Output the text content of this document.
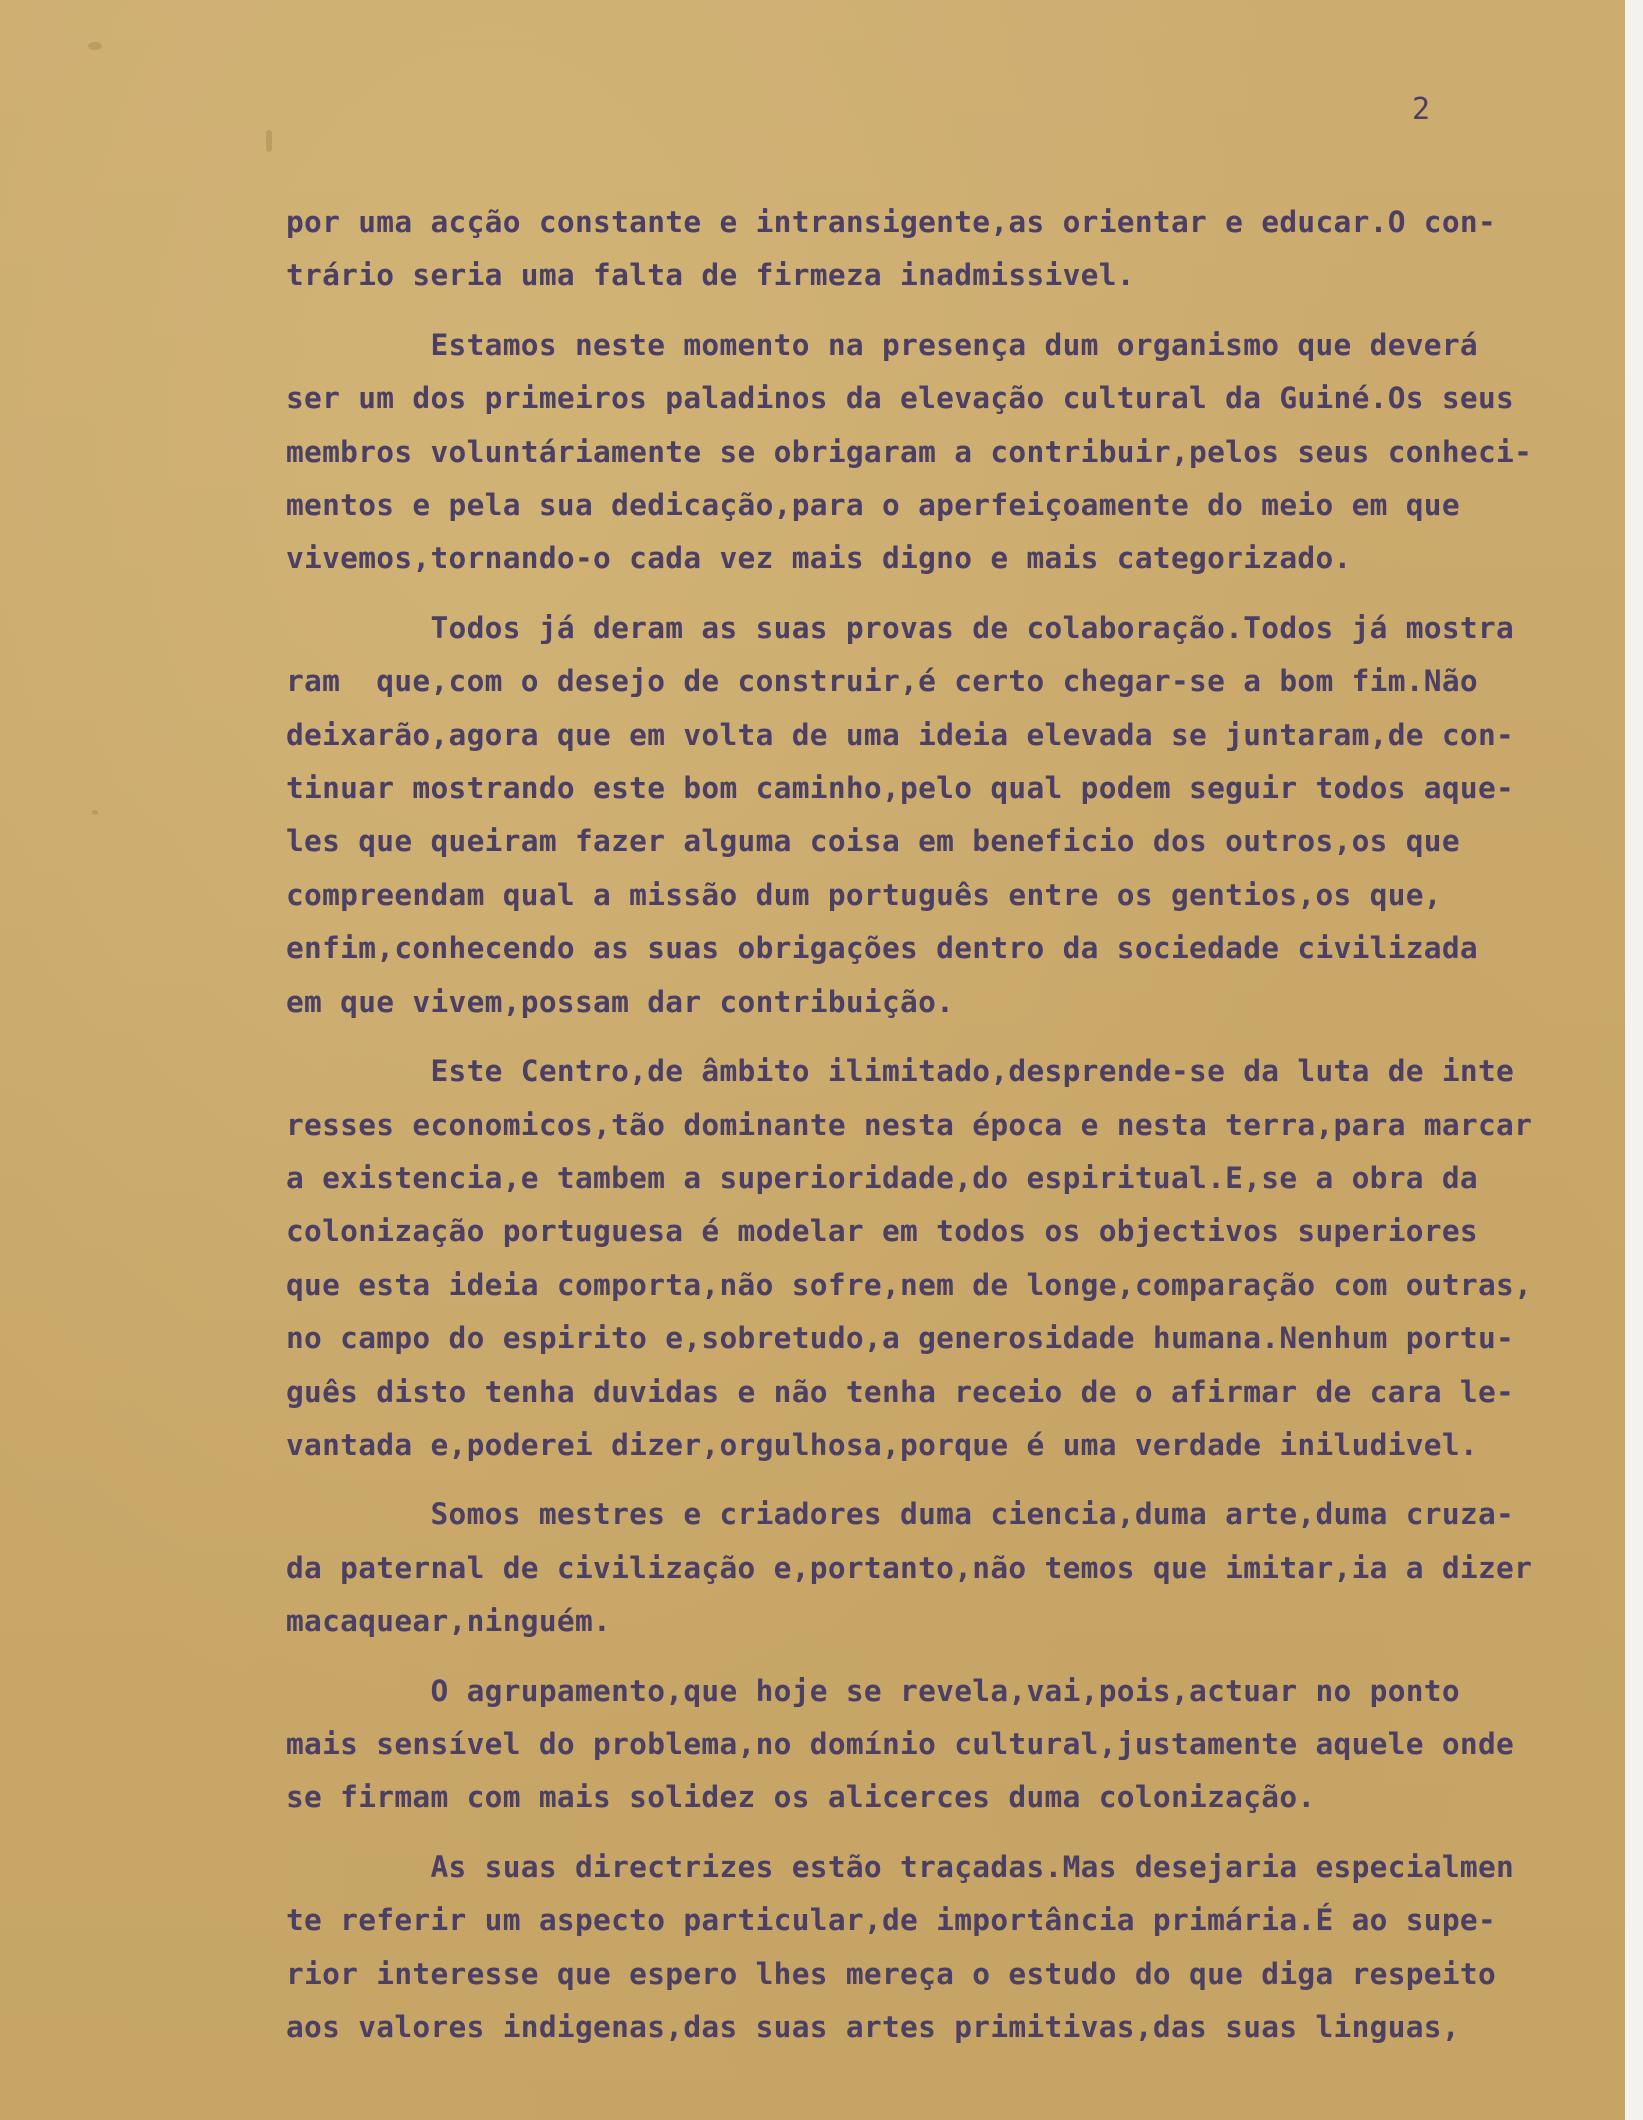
2

por uma acção constante e intransigente,as orientar e educar.O con-

trário seria uma falta de firmeza inadmissivel.

Estamos neste momento na presença dum organismo que deverá

ser um dos primeiros paladinos da elevação cultural da Guiné.Os seus

membros voluntáriamente se obrigaram a contribuir,pelos seus conheci-

mentos e pela sua dedicação,para o aperfeiçoamente do meio em que

vivemos,tornando-o cada vez mais digno e mais categorizado.

Todos já deram as suas provas de colaboração.Todos já mostra

ram  que,com o desejo de construir,é certo chegar-se a bom fim.Não

deixarão,agora que em volta de uma ideia elevada se juntaram,de con-

tinuar mostrando este bom caminho,pelo qual podem seguir todos aque-

les que queiram fazer alguma coisa em beneficio dos outros,os que

compreendam qual a missão dum português entre os gentios,os que,

enfim,conhecendo as suas obrigações dentro da sociedade civilizada

em que vivem,possam dar contribuição.

Este Centro,de âmbito ilimitado,desprende-se da luta de inte

resses economicos,tão dominante nesta época e nesta terra,para marcar

a existencia,e tambem a superioridade,do espiritual.E,se a obra da

colonização portuguesa é modelar em todos os objectivos superiores

que esta ideia comporta,não sofre,nem de longe,comparação com outras,

no campo do espirito e,sobretudo,a generosidade humana.Nenhum portu-

guês disto tenha duvidas e não tenha receio de o afirmar de cara le-

vantada e,poderei dizer,orgulhosa,porque é uma verdade iniludivel.

Somos mestres e criadores duma ciencia,duma arte,duma cruza-

da paternal de civilização e,portanto,não temos que imitar,ia a dizer

macaquear,ninguém.

O agrupamento,que hoje se revela,vai,pois,actuar no ponto

mais sensível do problema,no domínio cultural,justamente aquele onde

se firmam com mais solidez os alicerces duma colonização.

As suas directrizes estão traçadas.Mas desejaria especialmen

te referir um aspecto particular,de importância primária.É ao supe-

rior interesse que espero lhes mereça o estudo do que diga respeito

aos valores indigenas,das suas artes primitivas,das suas linguas,
